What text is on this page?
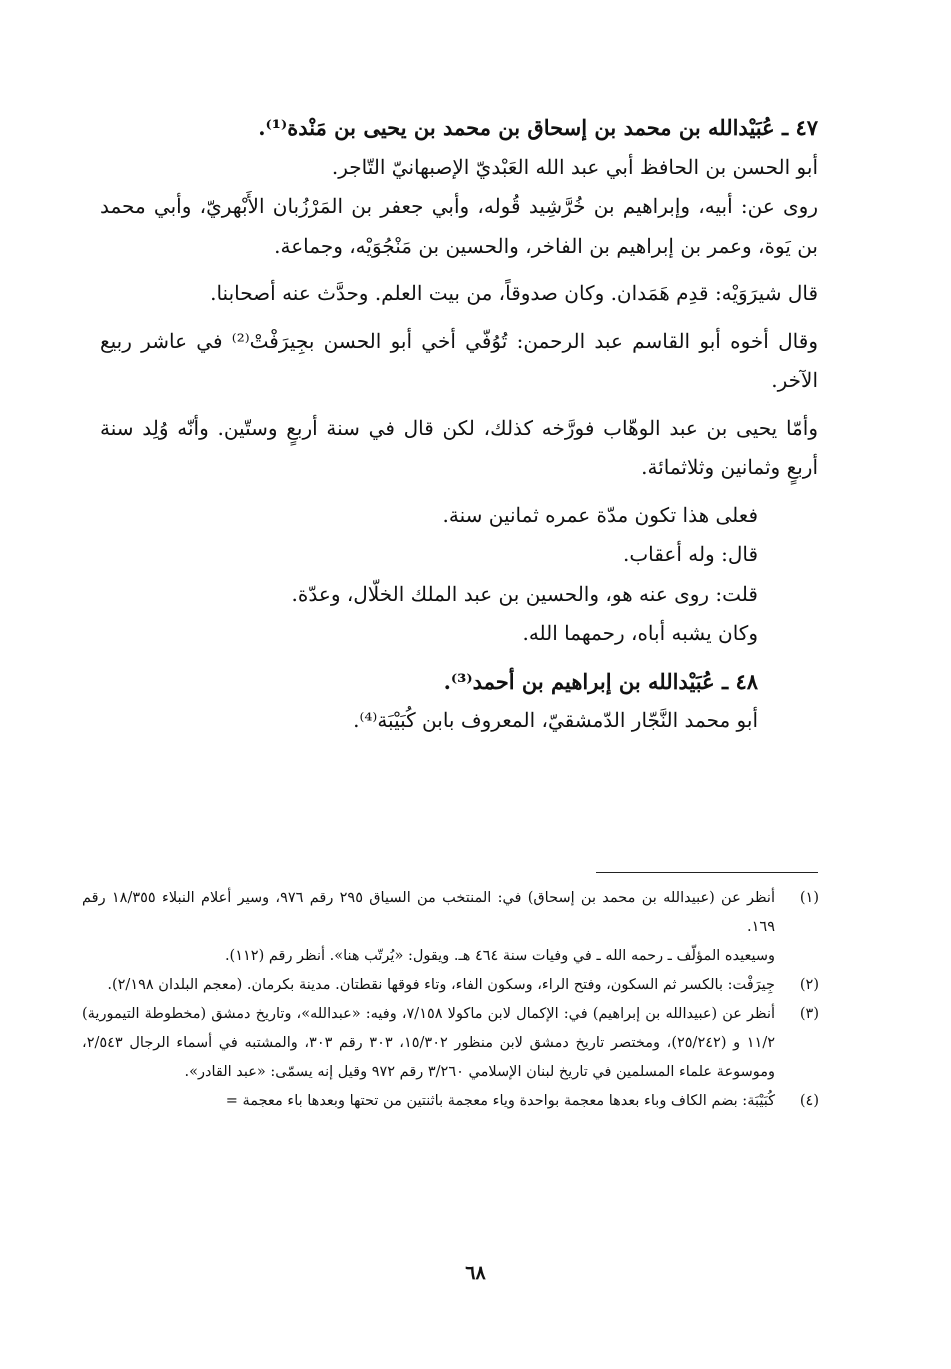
٤٧ ـ عُبَيْدالله بن محمد بن إسحاق بن محمد بن يحيى بن مَنْدة⁽¹⁾.

أبو الحسن بن الحافظ أبي عبد الله العَبْديّ الإصبهانيّ التّاجر.

روى عن: أبيه، وإبراهيم بن خُرَّشِيد قُوله، وأبي جعفر بن المَرْزُبان الأَبْهريّ، وأبي محمد بن يَوة، وعمر بن إبراهيم بن الفاخر، والحسين بن مَنْجُوَيْه، وجماعة.

قال شيرَوَيْه: قدِم هَمَدان. وكان صدوقاً، من بيت العلم. وحدَّث عنه أصحابنا.

وقال أخوه أبو القاسم عبد الرحمن: تُوُفّي أخي أبو الحسن بجِيرَفْتْ⁽²⁾ في عاشر ربيع الآخر.

وأمّا يحيى بن عبد الوهّاب فورَّخه كذلك، لكن قال في سنة أربعٍ وستّين. وأنّه وُلِد سنة أربعٍ وثمانين وثلاثمائة.

فعلى هذا تكون مدّة عمره ثمانين سنة.

قال: وله أعقاب.

قلت: روى عنه هو، والحسين بن عبد الملك الخلّال، وعدّة.

وكان يشبه أباه، رحمهما الله.

٤٨ ـ عُبَيْدالله بن إبراهيم بن أحمد⁽³⁾.

أبو محمد النَّجّار الدّمشقيّ، المعروف بابن كُبَيْبَة⁽⁴⁾.

(١)

أنظر عن (عبيدالله بن محمد بن إسحاق) في: المنتخب من السياق ٢٩٥ رقم ٩٧٦، وسير أعلام النبلاء ١٨/٣٥٥ رقم ١٦٩.

وسيعيده المؤلّف ـ رحمه الله ـ في وفيات سنة ٤٦٤ هـ. ويقول: «يُرتّب هنا». أنظر رقم (١١٢).

(٢)

جِيرَفْت: بالكسر ثم السكون، وفتح الراء، وسكون الفاء، وتاء فوقها نقطتان. مدينة بكرمان. (معجم البلدان ٢/١٩٨).

(٣)

أنظر عن (عبيدالله بن إبراهيم) في: الإكمال لابن ماكولا ٧/١٥٨، وفيه: «عبدالله»، وتاريخ دمشق (مخطوطة التيمورية) ١١/٢ و (٢٥/٢٤٢)، ومختصر تاريخ دمشق لابن منظور ١٥/٣٠٢، ٣٠٣ رقم ٣٠٣، والمشتبه في أسماء الرجال ٢/٥٤٣، وموسوعة علماء المسلمين في تاريخ لبنان الإسلامي ٣/٢٦٠ رقم ٩٧٢ وقيل إنه يسمّى: «عبد القادر».

(٤)

كُبَيْبَة: بضم الكاف وباء بعدها معجمة بواحدة وياء معجمة باثنتين من تحتها وبعدها باء معجمة =

٦٨
